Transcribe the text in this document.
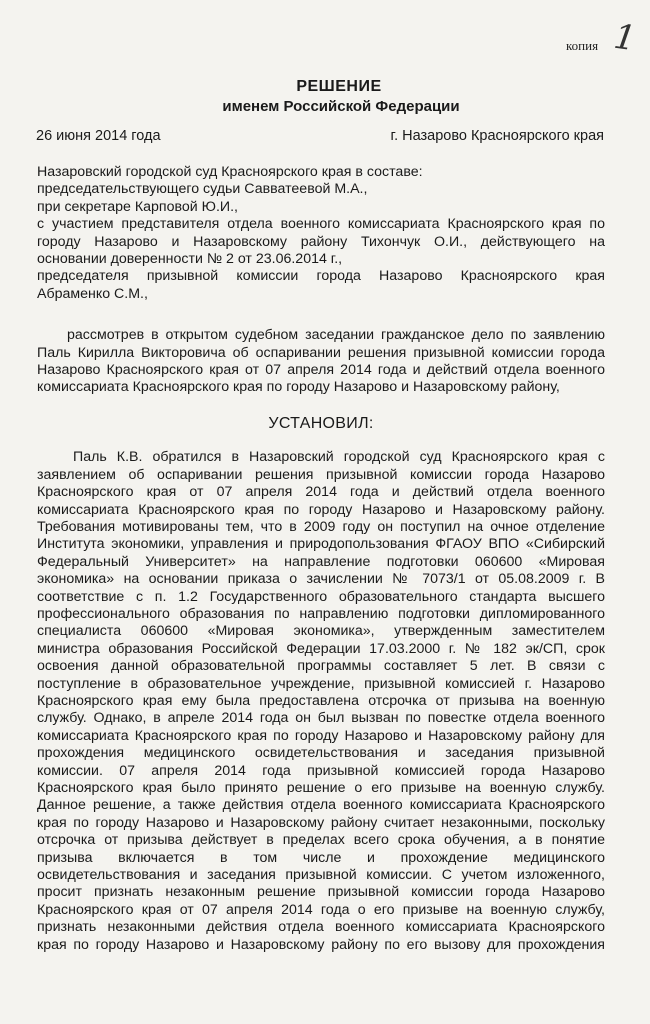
копия 1
РЕШЕНИЕ
именем Российской Федерации
26 июня 2014 года	г. Назарово Красноярского края
Назаровский городской суд Красноярского края в составе:
председательствующего судьи Савватеевой М.А.,
при секретаре Карповой Ю.И.,
с участием представителя отдела военного комиссариата Красноярского края по
городу Назарово и Назаровскому району Тихончук О.И., действующего на
основании доверенности № 2 от 23.06.2014 г.,
председателя призывной комиссии города Назарово Красноярского края
Абраменко С.М.,
рассмотрев в открытом судебном заседании гражданское дело по заявлению
Паль Кирилла Викторовича об оспаривании решения призывной комиссии города
Назарово Красноярского края от 07 апреля 2014 года и действий отдела военного
комиссариата Красноярского края по городу Назарово и Назаровскому району,
УСТАНОВИЛ:
Паль К.В. обратился в Назаровский городской суд Красноярского края с
заявлением об оспаривании решения призывной комиссии города Назарово
Красноярского края от 07 апреля 2014 года и действий отдела военного
комиссариата Красноярского края по городу Назарово и Назаровскому району.
Требования мотивированы тем, что в 2009 году он поступил на очное отделение
Института экономики, управления и природопользования ФГАОУ ВПО «Сибирский
Федеральный Университет» на направление подготовки 060600 «Мировая
экономика» на основании приказа о зачислении № 7073/1 от 05.08.2009 г. В
соответствие с п. 1.2 Государственного образовательного стандарта высшего
профессионального образования по направлению подготовки дипломированного
специалиста 060600 «Мировая экономика», утвержденным заместителем
министра образования Российской Федерации 17.03.2000 г. № 182 эк/СП, срок
освоения данной образовательной программы составляет 5 лет. В связи с
поступление в образовательное учреждение, призывной комиссией г. Назарово
Красноярского края ему была предоставлена отсрочка от призыва на военную
службу. Однако, в апреле 2014 года он был вызван по повестке отдела военного
комиссариата Красноярского края по городу Назарово и Назаровскому району для
прохождения медицинского освидетельствования и заседания призывной
комиссии. 07 апреля 2014 года призывной комиссией города Назарово
Красноярского края было принято решение о его призыве на военную службу.
Данное решение, а также действия отдела военного комиссариата Красноярского
края по городу Назарово и Назаровскому району считает незаконными, поскольку
отсрочка от призыва действует в пределах всего срока обучения, а в понятие
призыва включается в том числе и прохождение медицинского
освидетельствования и заседания призывной комиссии. С учетом изложенного,
просит признать незаконным решение призывной комиссии города Назарово
Красноярского края от 07 апреля 2014 года о его призыве на военную службу,
признать незаконными действия отдела военного комиссариата Красноярского
края по городу Назарово и Назаровскому району по его вызову для прохождения
